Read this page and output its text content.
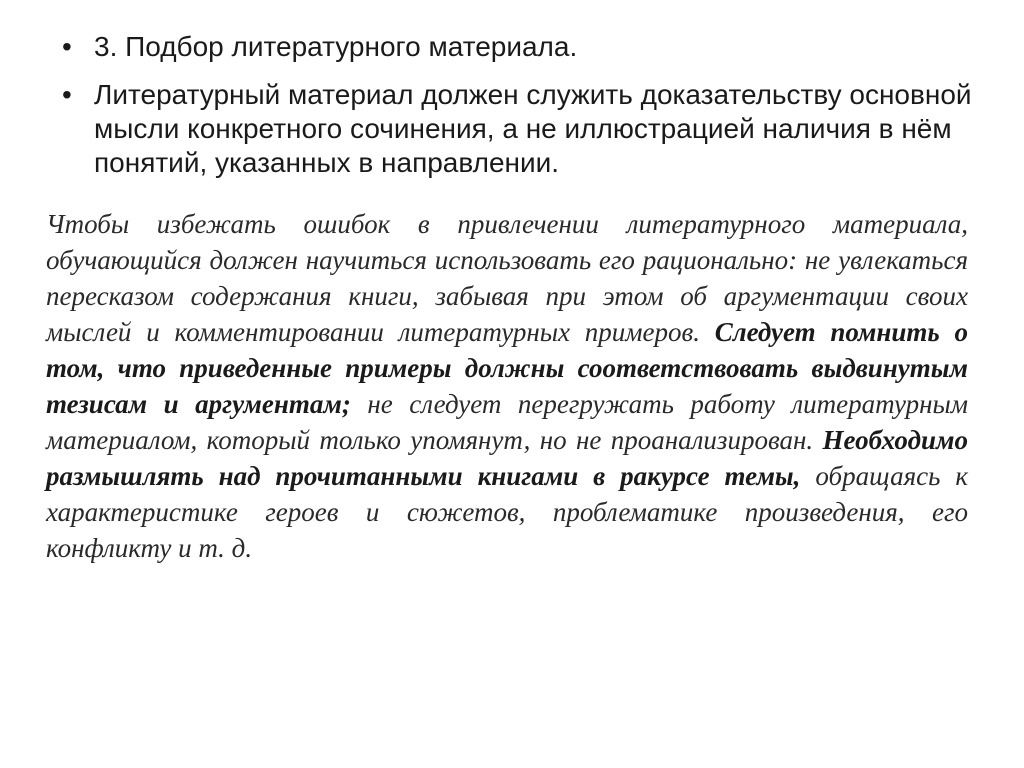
• 3. Подбор литературного материала.
• Литературный материал должен служить доказательству основной мысли конкретного сочинения, а не иллюстрацией наличия в нём понятий, указанных в направлении.

Чтобы избежать ошибок в привлечении литературного материала, обучающийся должен научиться использовать его рационально: не увлекаться пересказом содержания книги, забывая при этом об аргументации своих мыслей и комментировании литературных примеров. Следует помнить о том, что приведенные примеры должны соответствовать выдвинутым тезисам и аргументам; не следует перегружать работу литературным материалом, который только упомянут, но не проанализирован. Необходимо размышлять над прочитанными книгами в ракурсе темы, обращаясь к характеристике героев и сюжетов, проблематике произведения, его конфликту и т. д.
